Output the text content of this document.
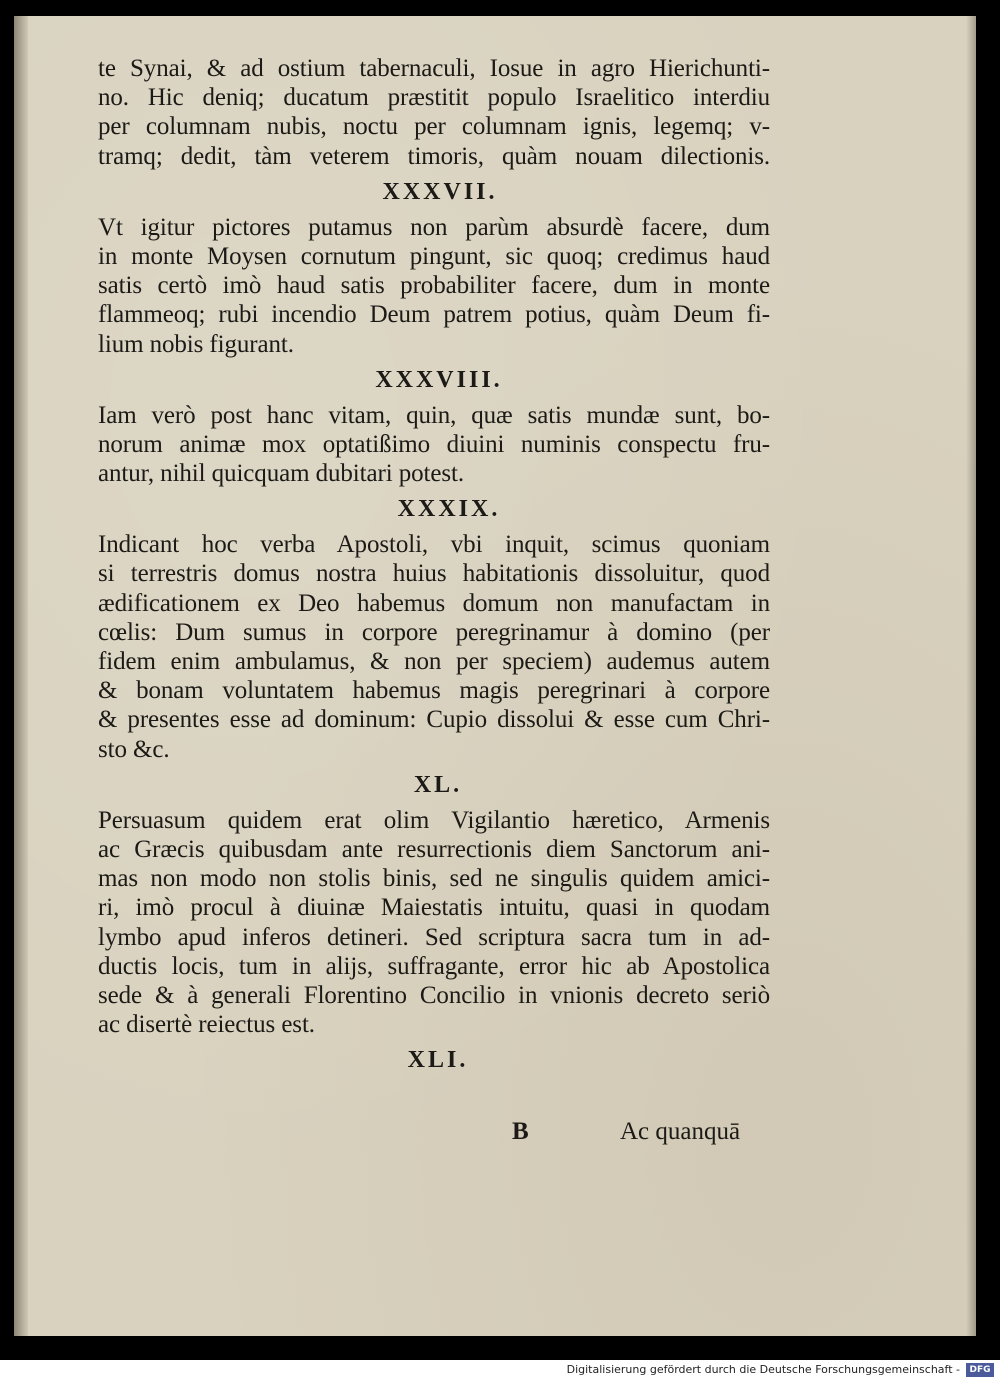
te Synai, & ad ostium tabernaculi, Iosue in agro Hierichunti-
no. Hic deniq; ducatum præstitit populo Israelitico interdiu
per columnam nubis, noctu per columnam ignis, legemq; v-
tramq; dedit, tàm veterem timoris, quàm nouam dilectionis.
XXXVII.
Vt igitur pictores putamus non parùm absurdè facere, dum
in monte Moysen cornutum pingunt, sic quoq; credimus haud
satis certò imò haud satis probabiliter facere, dum in monte
flammeoq; rubi incendio Deum patrem potius, quàm Deum fi-
lium nobis figurant.
XXXVIII.
Iam verò post hanc vitam, quin, quæ satis mundæ sunt, bo-
norum animæ mox optatißimo diuini numinis conspectu fru-
antur, nihil quicquam dubitari potest.
XXXIX.
Indicant hoc verba Apostoli, vbi inquit, scimus quoniam
si terrestris domus nostra huius habitationis dissoluitur, quod
ædificationem ex Deo habemus domum non manufactam in
cœlis: Dum sumus in corpore peregrinamur à domino (per
fidem enim ambulamus, & non per speciem) audemus autem
& bonam voluntatem habemus magis peregrinari à corpore
& presentes esse ad dominum: Cupio dissolui & esse cum Chri-
sto &c.
XL.
Persuasum quidem erat olim Vigilantio hæretico, Armenis
ac Græcis quibusdam ante resurrectionis diem Sanctorum ani-
mas non modo non stolis binis, sed ne singulis quidem amici-
ri, imò procul à diuinæ Maiestatis intuitu, quasi in quodam
lymbo apud inferos detineri. Sed scriptura sacra tum in ad-
ductis locis, tum in alijs, suffragante, error hic ab Apostolica
sede & à generali Florentino Concilio in vnionis decreto seriò
ac disertè reiectus est.
XLI.
B	Ac quanquā
Digitalisierung gefördert durch die Deutsche Forschungsgemeinschaft -	DFG
